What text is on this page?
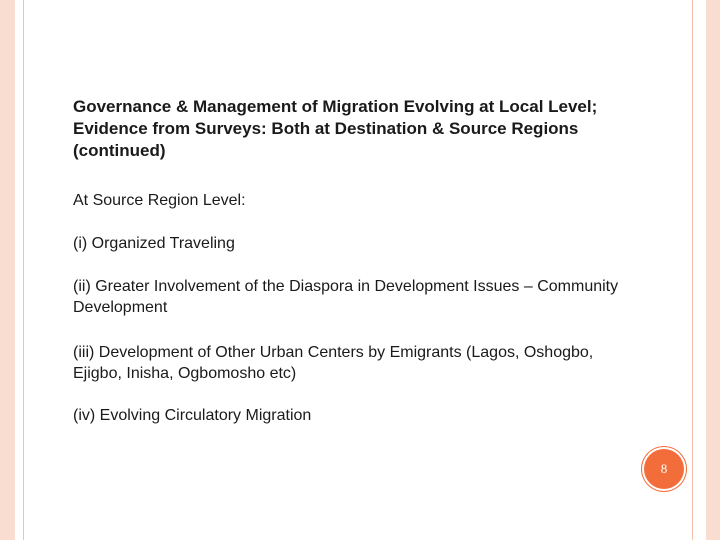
Governance & Management of Migration Evolving at Local Level; Evidence from Surveys: Both at Destination & Source Regions (continued)

At Source Region Level:

(i) Organized Traveling

(ii) Greater Involvement of the Diaspora in Development Issues – Community Development

(iii) Development of Other Urban Centers by Emigrants (Lagos, Oshogbo, Ejigbo, Inisha, Ogbomosho etc)

(iv) Evolving Circulatory Migration

8
